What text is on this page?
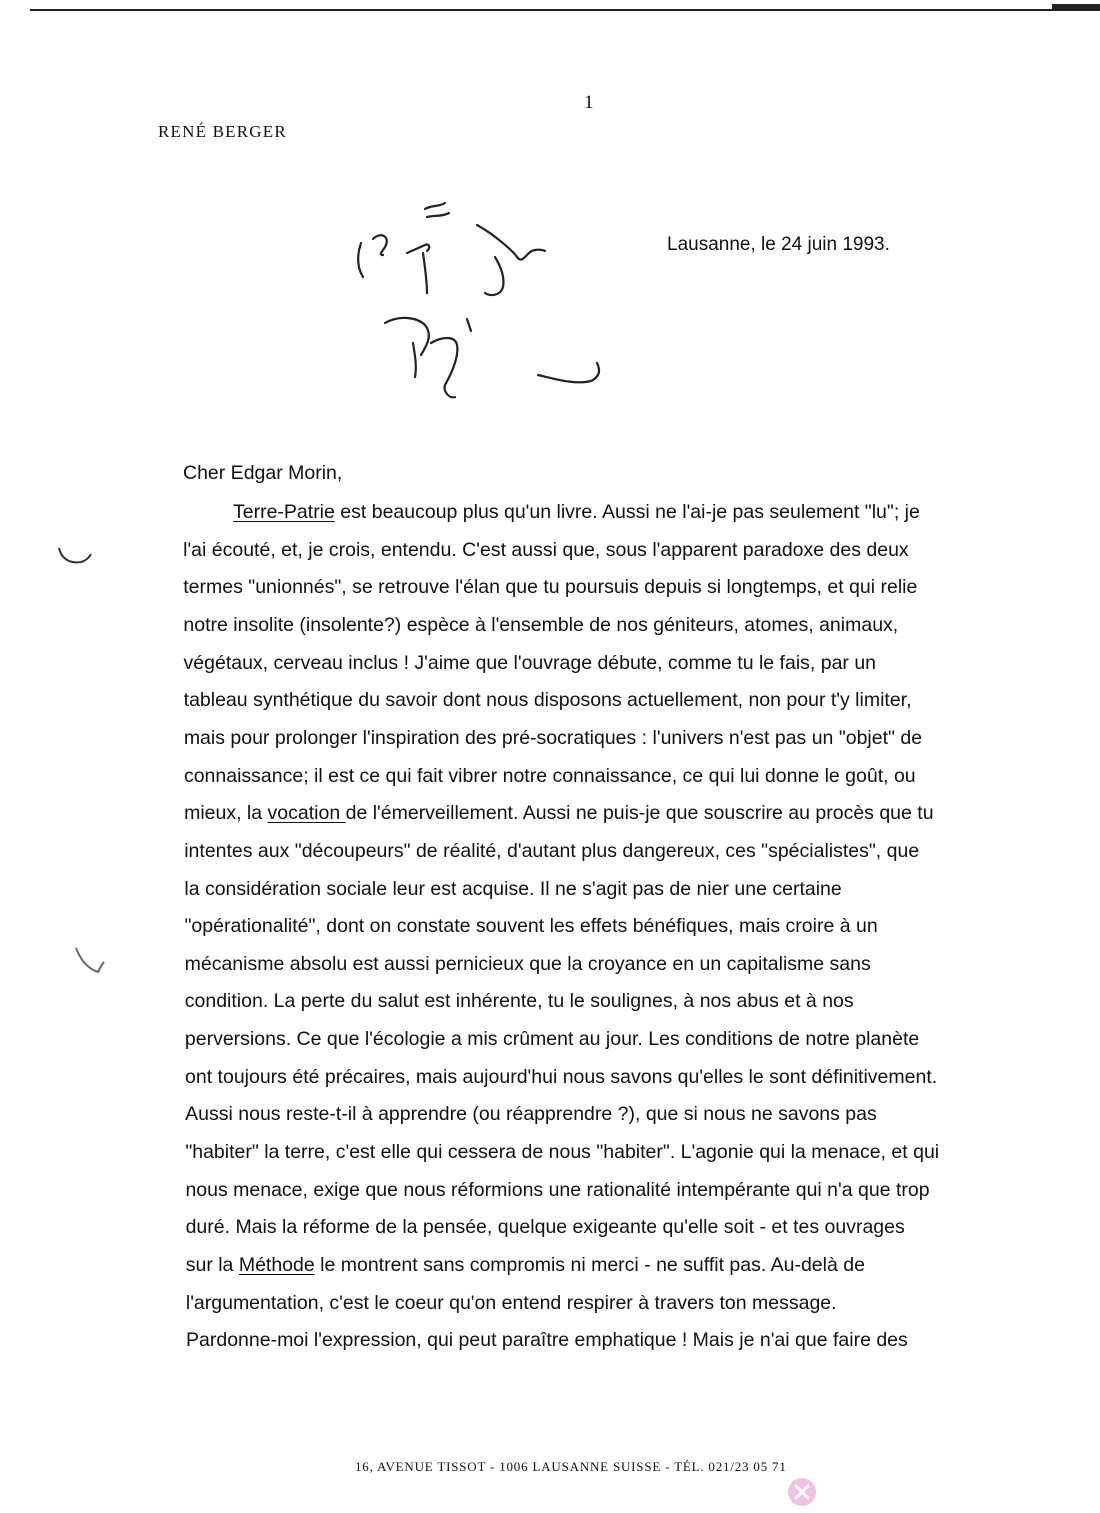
1
RENÉ BERGER
Lausanne, le 24 juin 1993.
Cher Edgar Morin,
Terre-Patrie est beaucoup plus qu'un livre. Aussi ne l'ai-je pas seulement "lu"; je
l'ai écouté, et, je crois, entendu. C'est aussi que, sous l'apparent paradoxe des deux
termes "unionnés", se retrouve l'élan que tu poursuis depuis si longtemps, et qui relie
notre insolite (insolente?) espèce à l'ensemble de nos géniteurs, atomes, animaux,
végétaux, cerveau inclus ! J'aime que l'ouvrage débute, comme tu le fais, par un
tableau synthétique du savoir dont nous disposons actuellement, non pour t'y limiter,
mais pour prolonger l'inspiration des pré-socratiques : l'univers n'est pas un "objet" de
connaissance; il est ce qui fait vibrer notre connaissance, ce qui lui donne le goût, ou
mieux, la vocation de l'émerveillement. Aussi ne puis-je que souscrire au procès que tu
intentes aux "découpeurs" de réalité, d'autant plus dangereux, ces "spécialistes", que
la considération sociale leur est acquise. Il ne s'agit pas de nier une certaine
"opérationalité", dont on constate souvent les effets bénéfiques, mais croire à un
mécanisme absolu est aussi pernicieux que la croyance en un capitalisme sans
condition. La perte du salut est inhérente, tu le soulignes, à nos abus et à nos
perversions. Ce que l'écologie a mis crûment au jour. Les conditions de notre planète
ont toujours été précaires, mais aujourd'hui nous savons qu'elles le sont définitivement.
Aussi nous reste-t-il à apprendre (ou réapprendre ?), que si nous ne savons pas
"habiter" la terre, c'est elle qui cessera de nous "habiter". L'agonie qui la menace, et qui
nous menace, exige que nous réformions une rationalité intempérante qui n'a que trop
duré. Mais la réforme de la pensée, quelque exigeante qu'elle soit - et tes ouvrages
sur la Méthode le montrent sans compromis ni merci - ne suffit pas. Au-delà de
l'argumentation, c'est le coeur qu'on entend respirer à travers ton message.
Pardonne-moi l'expression, qui peut paraître emphatique ! Mais je n'ai que faire des
16, AVENUE TISSOT - 1006 LAUSANNE SUISSE - TÉL. 021/23 05 71
